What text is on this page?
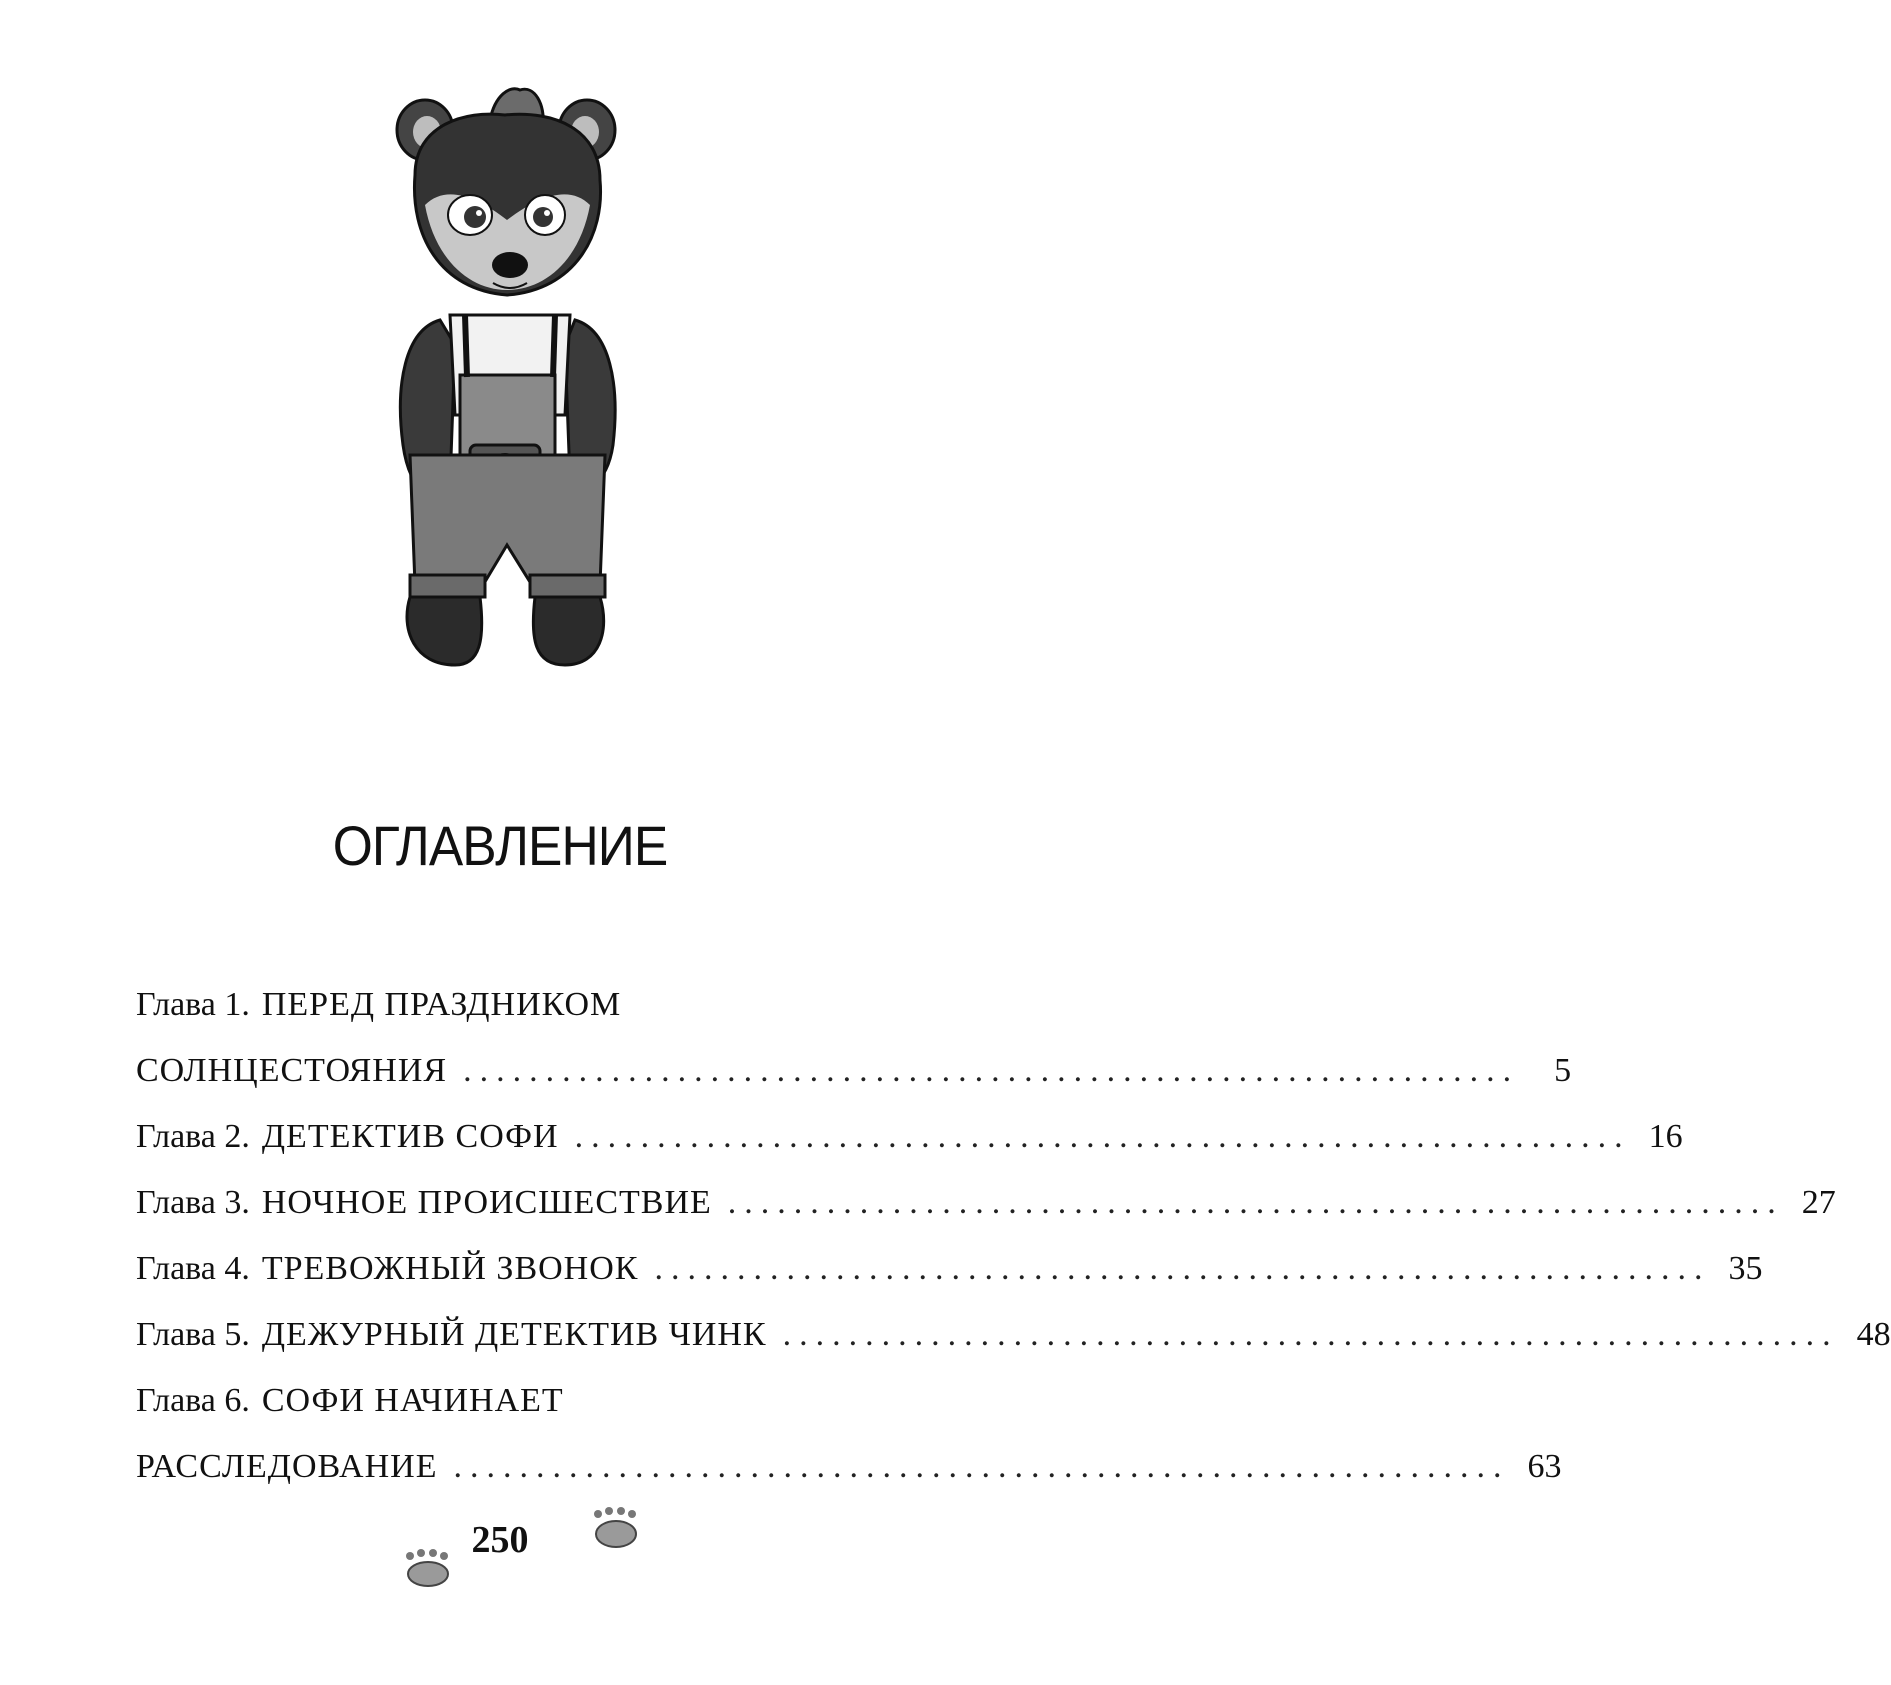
ОГЛАВЛЕНИЕ
Глава 1. ПЕРЕД ПРАЗДНИКОМ
СОЛНЦЕСТОЯНИЯ ................................................................	5
Глава 2. ДЕТЕКТИВ СОФИ ................................................................ 16
Глава 3. НОЧНОЕ ПРОИСШЕСТВИЕ ................................................................ 27
Глава 4. ТРЕВОЖНЫЙ ЗВОНОК ................................................................ 35
Глава 5. ДЕЖУРНЫЙ ДЕТЕКТИВ ЧИНК ................................................................ 48
Глава 6. СОФИ НАЧИНАЕТ
РАССЛЕДОВАНИЕ ................................................................ 63
250
